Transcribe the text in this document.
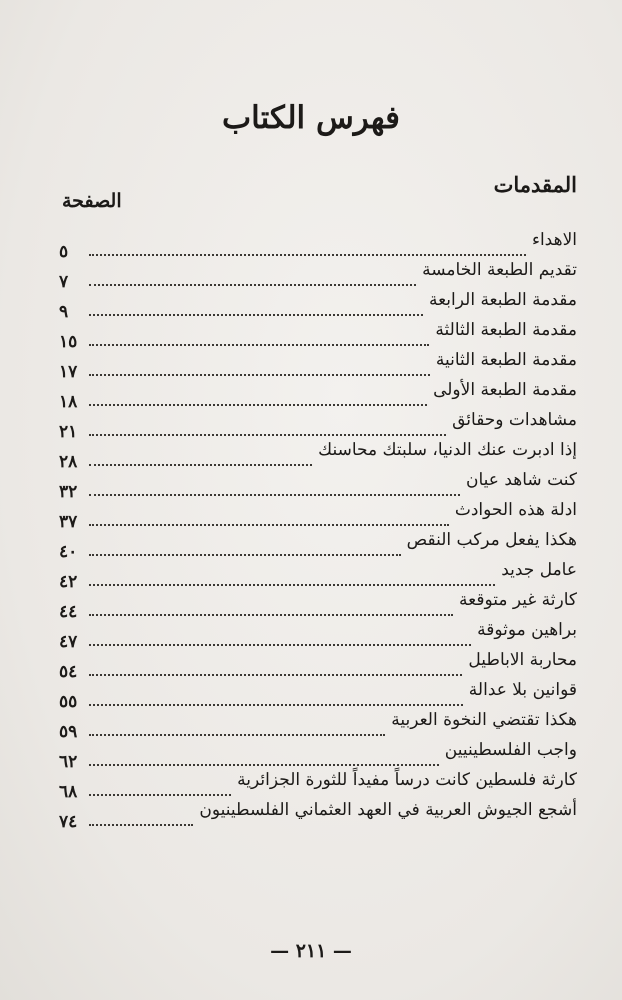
فهرس الكتاب
المقدمات
الصفحة
الاهداء
٥
تقديم الطبعة الخامسة
٧
مقدمة الطبعة الرابعة
٩
مقدمة الطبعة الثالثة
١٥
مقدمة الطبعة الثانية
١٧
مقدمة الطبعة الأولى
١٨
مشاهدات وحقائق
٢١
إذا ادبرت عنك الدنيا، سلبتك محاسنك
٢٨
كنت شاهد عيان
٣٢
ادلة هذه الحوادث
٣٧
هكذا يفعل مركب النقص
٤٠
عامل جديد
٤٢
كارثة غير متوقعة
٤٤
براهين موثوقة
٤٧
محاربة الاباطيل
٥٤
قوانين بلا عدالة
٥٥
هكذا تقتضي النخوة العربية
٥٩
واجب الفلسطينيين
٦٢
كارثة فلسطين كانت درساً مفيداً للثورة الجزائرية
٦٨
أشجع الجيوش العربية في العهد العثماني الفلسطينيون
٧٤
— ٢١١ —
